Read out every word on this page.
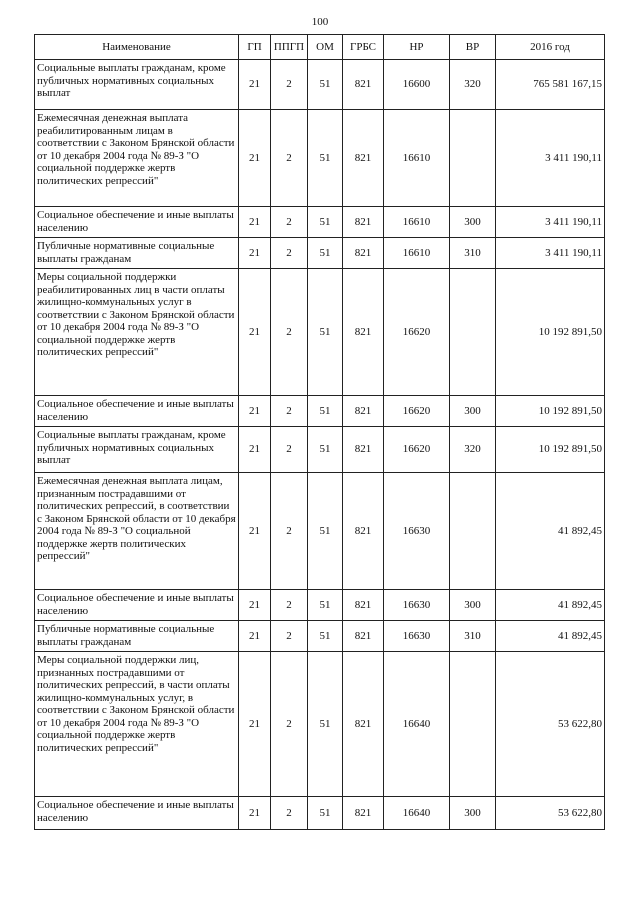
100
Наименование	ГП	ППГП	ОМ	ГРБС	НР	ВР	2016 год
Социальные выплаты гражданам, кроме публичных нормативных социальных выплат	21	2	51	821	16600	320	765 581 167,15
Ежемесячная денежная выплата реабилитированным лицам в соответствии с Законом Брянской области от 10 декабря 2004 года № 89-З "О социальной поддержке жертв политических репрессий"	21	2	51	821	16610		3 411 190,11
Социальное обеспечение и иные выплаты населению	21	2	51	821	16610	300	3 411 190,11
Публичные нормативные социальные выплаты гражданам	21	2	51	821	16610	310	3 411 190,11
Меры социальной поддержки реабилитированных лиц в части оплаты жилищно-коммунальных услуг в соответствии с Законом Брянской области от 10 декабря 2004 года № 89-З "О социальной поддержке жертв политических репрессий"	21	2	51	821	16620		10 192 891,50
Социальное обеспечение и иные выплаты населению	21	2	51	821	16620	300	10 192 891,50
Социальные выплаты гражданам, кроме публичных нормативных социальных выплат	21	2	51	821	16620	320	10 192 891,50
Ежемесячная денежная выплата лицам, признанным пострадавшими от политических репрессий, в соответствии с Законом Брянской области от 10 декабря 2004 года № 89-З "О социальной поддержке жертв политических репрессий"	21	2	51	821	16630		41 892,45
Социальное обеспечение и иные выплаты населению	21	2	51	821	16630	300	41 892,45
Публичные нормативные социальные выплаты гражданам	21	2	51	821	16630	310	41 892,45
Меры социальной поддержки лиц, признанных пострадавшими от политических репрессий, в части оплаты жилищно-коммунальных услуг, в соответствии с Законом Брянской области от 10 декабря 2004 года № 89-З "О социальной поддержке жертв политических репрессий"	21	2	51	821	16640		53 622,80
Социальное обеспечение и иные выплаты населению	21	2	51	821	16640	300	53 622,80
